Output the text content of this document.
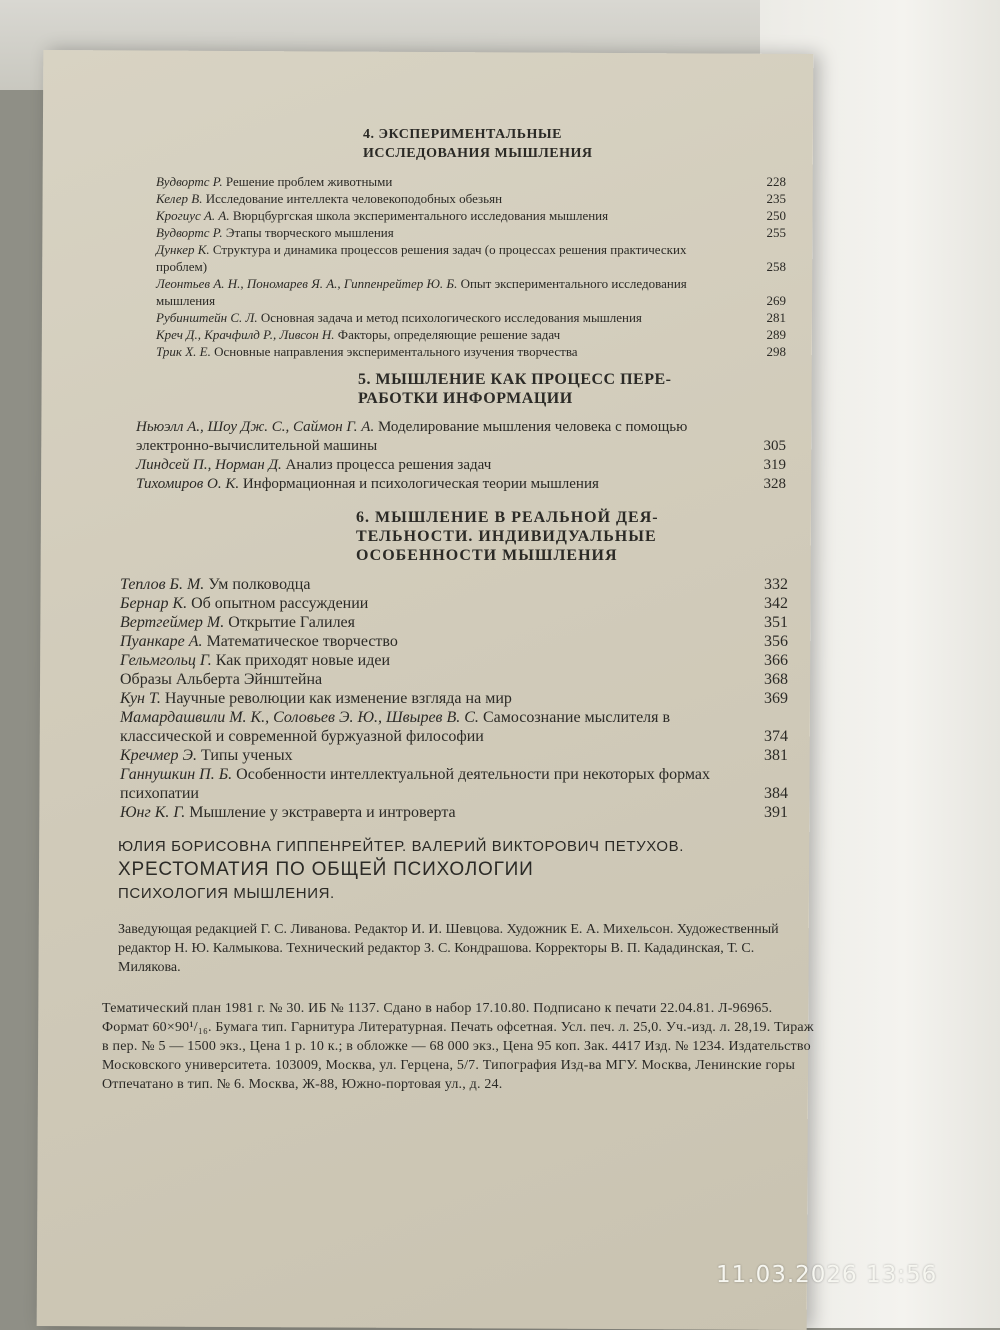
4. ЭКСПЕРИМЕНТАЛЬНЫЕ
ИССЛЕДОВАНИЯ МЫШЛЕНИЯ
Вудвортс Р. Решение проблем животными	228
Келер В. Исследование интеллекта человекоподобных обезьян	235
Крогиус А. А. Вюрцбургская школа экспериментального исследования мышления	250
Вудвортс Р. Этапы творческого мышления	255
Дункер К. Структура и динамика процессов решения задач (о процессах решения практических проблем)	258
Леонтьев А. Н., Пономарев Я. А., Гиппенрейтер Ю. Б. Опыт экспериментального исследования мышления	269
Рубинштейн С. Л. Основная задача и метод психологического исследования мышления	281
Креч Д., Крачфилд Р., Ливсон Н. Факторы, определяющие решение задач	289
Трик Х. Е. Основные направления экспериментального изучения творчества	298
5. МЫШЛЕНИЕ КАК ПРОЦЕСС ПЕРЕ-
РАБОТКИ ИНФОРМАЦИИ
Ньюэлл А., Шоу Дж. С., Саймон Г. А. Моделирование мышления человека с помощью электронно-вычислительной машины	305
Линдсей П., Норман Д. Анализ процесса решения задач	319
Тихомиров О. К. Информационная и психологическая теории мышления	328
6. МЫШЛЕНИЕ В РЕАЛЬНОЙ ДЕЯ-
ТЕЛЬНОСТИ. ИНДИВИДУАЛЬНЫЕ
ОСОБЕННОСТИ МЫШЛЕНИЯ
Теплов Б. М. Ум полководца	332
Бернар К. Об опытном рассуждении	342
Вертгеймер М. Открытие Галилея	351
Пуанкаре А. Математическое творчество	356
Гельмгольц Г. Как приходят новые идеи	366
Образы Альберта Эйнштейна	368
Кун Т. Научные революции как изменение взгляда на мир	369
Мамардашвили М. К., Соловьев Э. Ю., Швырев В. С. Самосознание мыслителя в классической и современной буржуазной философии	374
Кречмер Э. Типы ученых	381
Ганнушкин П. Б. Особенности интеллектуальной деятельности при некоторых формах психопатии	384
Юнг К. Г. Мышление у экстраверта и интроверта	391
ЮЛИЯ БОРИСОВНА ГИППЕНРЕЙТЕР. ВАЛЕРИЙ ВИКТОРОВИЧ ПЕТУХОВ.
ХРЕСТОМАТИЯ ПО ОБЩЕЙ ПСИХОЛОГИИ
ПСИХОЛОГИЯ МЫШЛЕНИЯ.
Заведующая редакцией Г. С. Ливанова. Редактор И. И. Шевцова. Художник Е. А. Михельсон. Художественный редактор Н. Ю. Калмыкова. Технический редактор З. С. Кондрашова. Корректоры В. П. Кададинская, Т. С. Милякова.
Тематический план 1981 г. № 30. ИБ № 1137. Сдано в набор 17.10.80. Подписано к печати 22.04.81. Л-96965. Формат 60×90¹/₁₆. Бумага тип. Гарнитура Литературная. Печать офсетная. Усл. печ. л. 25,0. Уч.-изд. л. 28,19. Тираж в пер. № 5 — 1500 экз., Цена 1 р. 10 к.; в обложке — 68 000 экз., Цена 95 коп. Зак. 4417 Изд. № 1234. Издательство Московского университета. 103009, Москва, ул. Герцена, 5/7. Типография Изд-ва МГУ. Москва, Ленинские горы
Отпечатано в тип. № 6. Москва, Ж-88, Южно-портовая ул., д. 24.
11.03.2026 13:56
